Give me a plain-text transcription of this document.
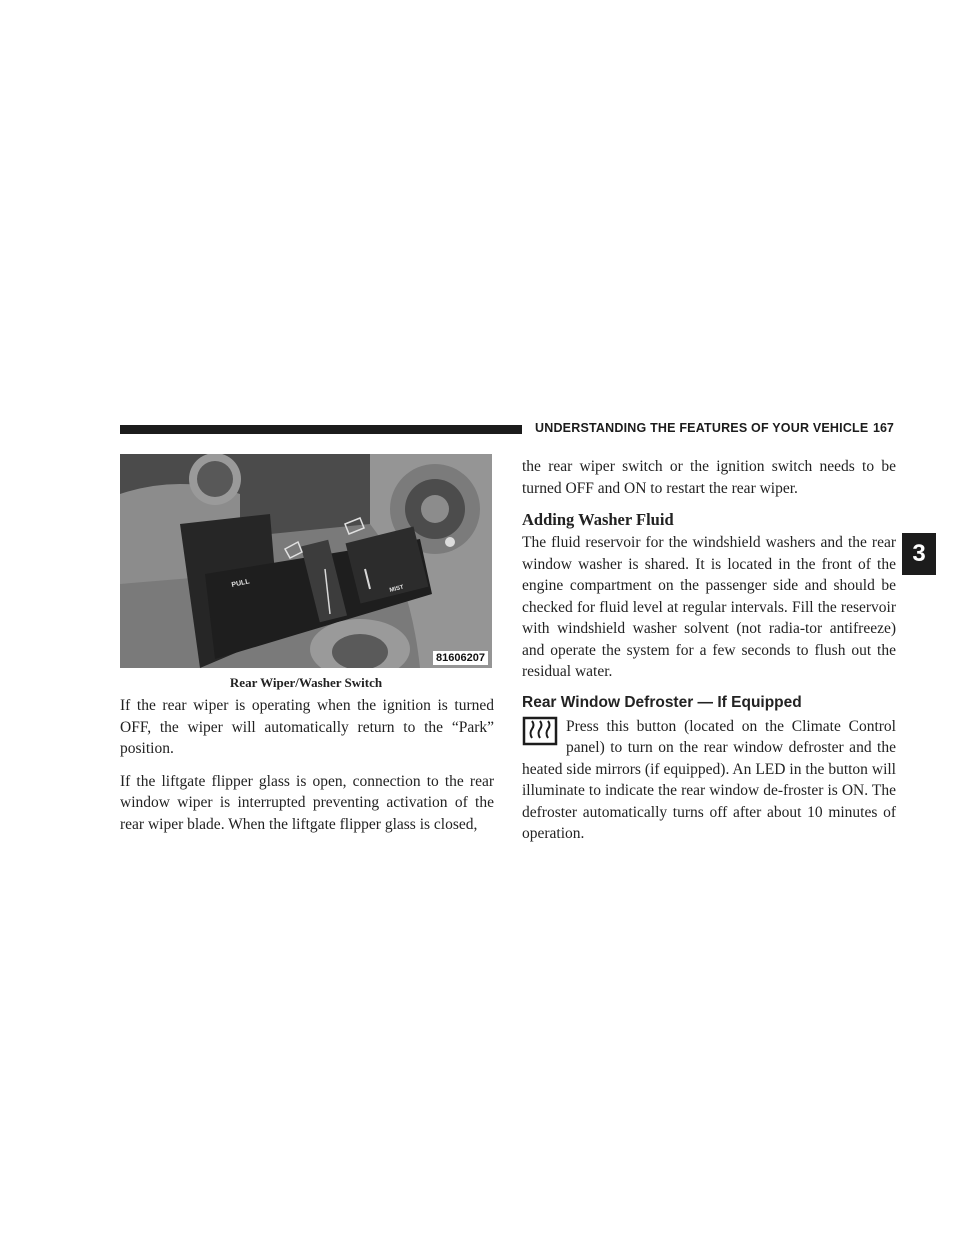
UNDERSTANDING THE FEATURES OF YOUR VEHICLE 167
3
PULL
MIST
81606207
Rear Wiper/Washer Switch

If the rear wiper is operating when the ignition is turned OFF, the wiper will automatically return to the “Park” position.

If the liftgate flipper glass is open, connection to the rear window wiper is interrupted preventing activation of the rear wiper blade. When the liftgate flipper glass is closed,

the rear wiper switch or the ignition switch needs to be turned OFF and ON to restart the rear wiper.

Adding Washer Fluid

The fluid reservoir for the windshield washers and the rear window washer is shared. It is located in the front of the engine compartment on the passenger side and should be checked for fluid level at regular intervals. Fill the reservoir with windshield washer solvent (not radia-tor antifreeze) and operate the system for a few seconds to flush out the residual water.

Rear Window Defroster — If Equipped

Press this button (located on the Climate Control panel) to turn on the rear window defroster and the heated side mirrors (if equipped). An LED in the button will illuminate to indicate the rear window de-froster is ON. The defroster automatically turns off after about 10 minutes of operation.
